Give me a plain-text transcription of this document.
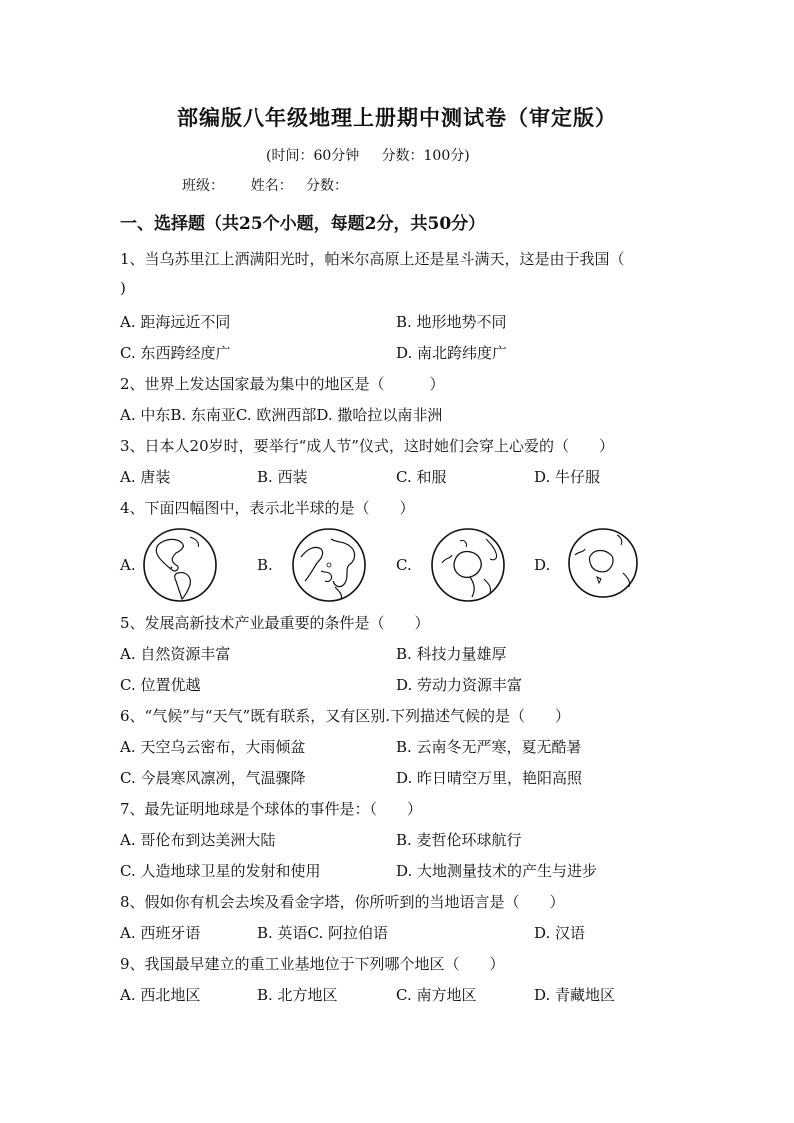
部编版八年级地理上册期中测试卷（审定版）
(时间：60分钟     分数：100分)
班级：      姓名：   分数：
一、选择题（共25个小题，每题2分，共50分）
1、当乌苏里江上洒满阳光时，帕米尔高原上还是星斗满天，这是由于我国（
)
A. 距海远近不同	B. 地形地势不同
C. 东西跨经度广	D. 南北跨纬度广
2、世界上发达国家最为集中的地区是（　　　）
A. 中东B. 东南亚C. 欧洲西部D. 撒哈拉以南非洲
3、日本人20岁时，要举行“成人节”仪式，这时她们会穿上心爱的（　　）
A. 唐装	B. 西装	C. 和服	D. 牛仔服
4、下面四幅图中，表示北半球的是（　　）
A.	B.	C.	D.
5、发展高新技术产业最重要的条件是（　　）
A. 自然资源丰富	B. 科技力量雄厚
C. 位置优越	D. 劳动力资源丰富
6、“气候”与“天气”既有联系，又有区别.下列描述气候的是（　　）
A. 天空乌云密布，大雨倾盆	B. 云南冬无严寒，夏无酷暑
C. 今晨寒风凛冽，气温骤降	D. 昨日晴空万里，艳阳高照
7、最先证明地球是个球体的事件是：（　　）
A. 哥伦布到达美洲大陆	B. 麦哲伦环球航行
C. 人造地球卫星的发射和使用	D. 大地测量技术的产生与进步
8、假如你有机会去埃及看金字塔，你所听到的当地语言是（　　）
A. 西班牙语	B. 英语C. 阿拉伯语	D. 汉语
9、我国最早建立的重工业基地位于下列哪个地区（　　）
A. 西北地区	B. 北方地区	C. 南方地区	D. 青藏地区
